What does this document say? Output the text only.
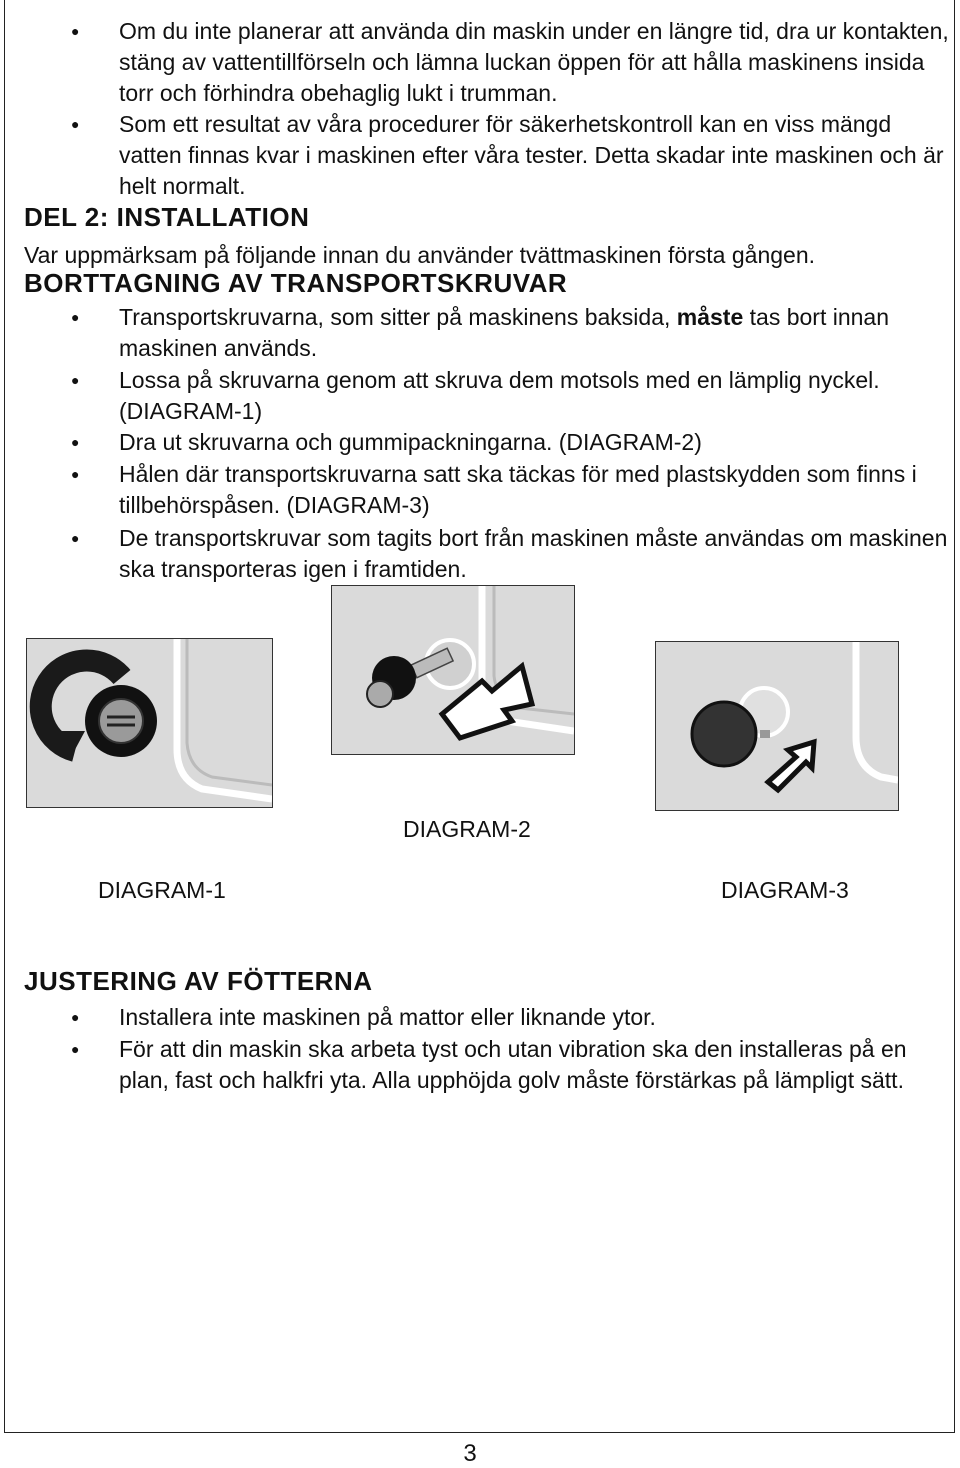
● Om du inte planerar att använda din maskin under en längre tid, dra ur kontakten, stäng av vattentillförseln och lämna luckan öppen för att hålla maskinens insida torr och förhindra obehaglig lukt i trumman.
● Som ett resultat av våra procedurer för säkerhetskontroll kan en viss mängd vatten finnas kvar i maskinen efter våra tester. Detta skadar inte maskinen och är helt normalt.
DEL 2: INSTALLATION
Var uppmärksam på följande innan du använder tvättmaskinen första gången.
BORTTAGNING AV TRANSPORTSKRUVAR
● Transportskruvarna, som sitter på maskinens baksida, måste tas bort innan maskinen används.
● Lossa på skruvarna genom att skruva dem motsols med en lämplig nyckel. (DIAGRAM-1)
● Dra ut skruvarna och gummipackningarna. (DIAGRAM-2)
● Hålen där transportskruvarna satt ska täckas för med plastskydden som finns i tillbehörspåsen. (DIAGRAM-3)
● De transportskruvar som tagits bort från maskinen måste användas om maskinen ska transporteras igen i framtiden.
DIAGRAM-2
DIAGRAM-1	DIAGRAM-3
JUSTERING AV FÖTTERNA
● Installera inte maskinen på mattor eller liknande ytor.
● För att din maskin ska arbeta tyst och utan vibration ska den installeras på en plan, fast och halkfri yta. Alla upphöjda golv måste förstärkas på lämpligt sätt.
3
